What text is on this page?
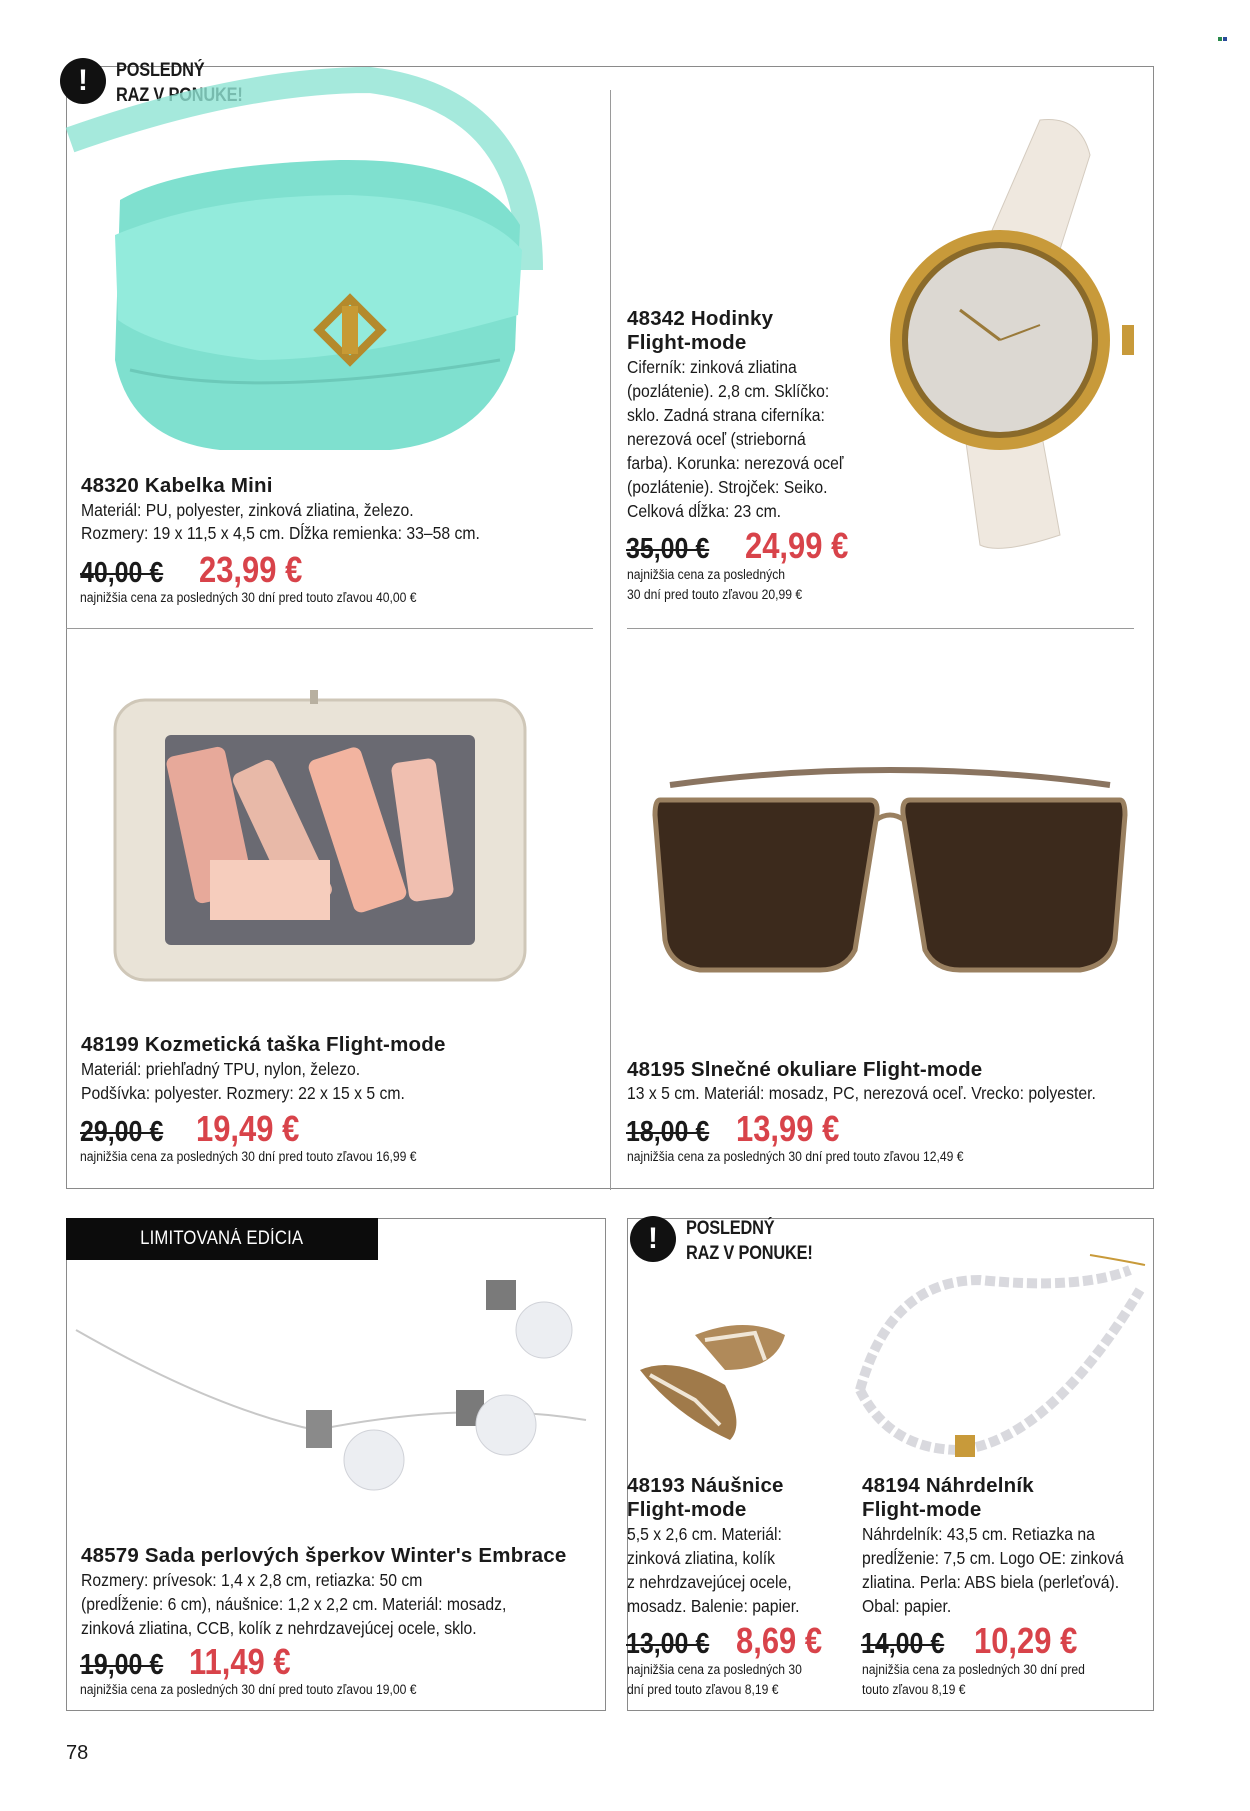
!	POSLEDNÝ
RAZ V PONUKE!
48320 Kabelka Mini
Materiál: PU, polyester, zinková zliatina, železo.
Rozmery: 19 x 11,5 x 4,5 cm. Dĺžka remienka: 33–58 cm.
40,00 € 23,99 €
najnižšia cena za posledných 30 dní pred touto zľavou 40,00 €
48342 Hodinky
Flight-mode
Ciferník: zinková zliatina
(pozlátenie). 2,8 cm. Sklíčko:
sklo. Zadná strana ciferníka:
nerezová oceľ (strieborná
farba). Korunka: nerezová oceľ
(pozlátenie). Strojček: Seiko.
Celková dĺžka: 23 cm.
35,00 € 24,99 €
najnižšia cena za posledných
30 dní pred touto zľavou 20,99 €
48199 Kozmetická taška Flight-mode
Materiál: priehľadný TPU, nylon, železo.
Podšívka: polyester. Rozmery: 22 x 15 x 5 cm.
29,00 € 19,49 €
najnižšia cena za posledných 30 dní pred touto zľavou 16,99 €
48195 Slnečné okuliare Flight-mode
13 x 5 cm. Materiál: mosadz, PC, nerezová oceľ. Vrecko: polyester.
18,00 € 13,99 €
najnižšia cena za posledných 30 dní pred touto zľavou 12,49 €
LIMITOVANÁ EDÍCIA	!	POSLEDNÝ
RAZ V PONUKE!
48579 Sada perlových šperkov Winter's Embrace
Rozmery: prívesok: 1,4 x 2,8 cm, retiazka: 50 cm
(predĺženie: 6 cm), náušnice: 1,2 x 2,2 cm. Materiál: mosadz,
zinková zliatina, CCB, kolík z nehrdzavejúcej ocele, sklo.
19,00 € 11,49 €
najnižšia cena za posledných 30 dní pred touto zľavou 19,00 €
48193 Náušnice
Flight-mode
5,5 x 2,6 cm. Materiál:
zinková zliatina, kolík
z nehrdzavejúcej ocele,
mosadz. Balenie: papier.
13,00 € 8,69 €
najnižšia cena za posledných 30
dní pred touto zľavou 8,19 €
48194 Náhrdelník
Flight-mode
Náhrdelník: 43,5 cm. Retiazka na
predĺženie: 7,5 cm. Logo OE: zinková
zliatina. Perla: ABS biela (perleťová).
Obal: papier.
14,00 € 10,29 €
najnižšia cena za posledných 30 dní pred
touto zľavou 8,19 €
78
